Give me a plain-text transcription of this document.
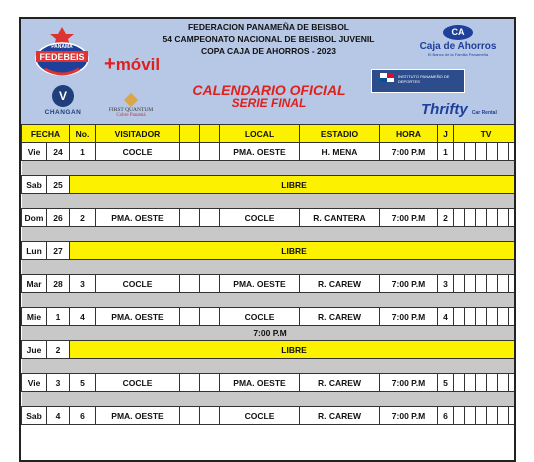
FEDEBEIS
PANAMA
+móvil
V
CHANGAN	FIRST QUANTUM
Cobre Panamá
FEDERACION PANAMEÑA DE BEISBOL
54 CAMPEONATO NACIONAL DE BEISBOL JUVENIL
COPA CAJA DE AHORROS - 2023
CALENDARIO OFICIAL
SERIE FINAL
CA
Caja de Ahorros
El Banco de la Familia Panameña
INSTITUTO PANAMEÑO DE DEPORTES
Thrifty Car Rental
FECHA		No.	VISITADOR			LOCAL	ESTADIO	HORA	J	TV					
Vie	24	1	COCLE			PMA. OESTE	H. MENA	7:00 P.M	1						

Sab	25	LIBRE													

Dom	26	2	PMA. OESTE			COCLE	R. CANTERA	7:00 P.M	2						

Lun	27	LIBRE													

Mar	28	3	COCLE			PMA. OESTE	R. CAREW	7:00 P.M	3						

Mie	1	4	PMA. OESTE			COCLE	R. CAREW	7:00 P.M	4						
7:00 P.M															
Jue	2	LIBRE													

Vie	3	5	COCLE			PMA. OESTE	R. CAREW	7:00 P.M	5						

Sab	4	6	PMA. OESTE			COCLE	R. CAREW	7:00 P.M	6						
